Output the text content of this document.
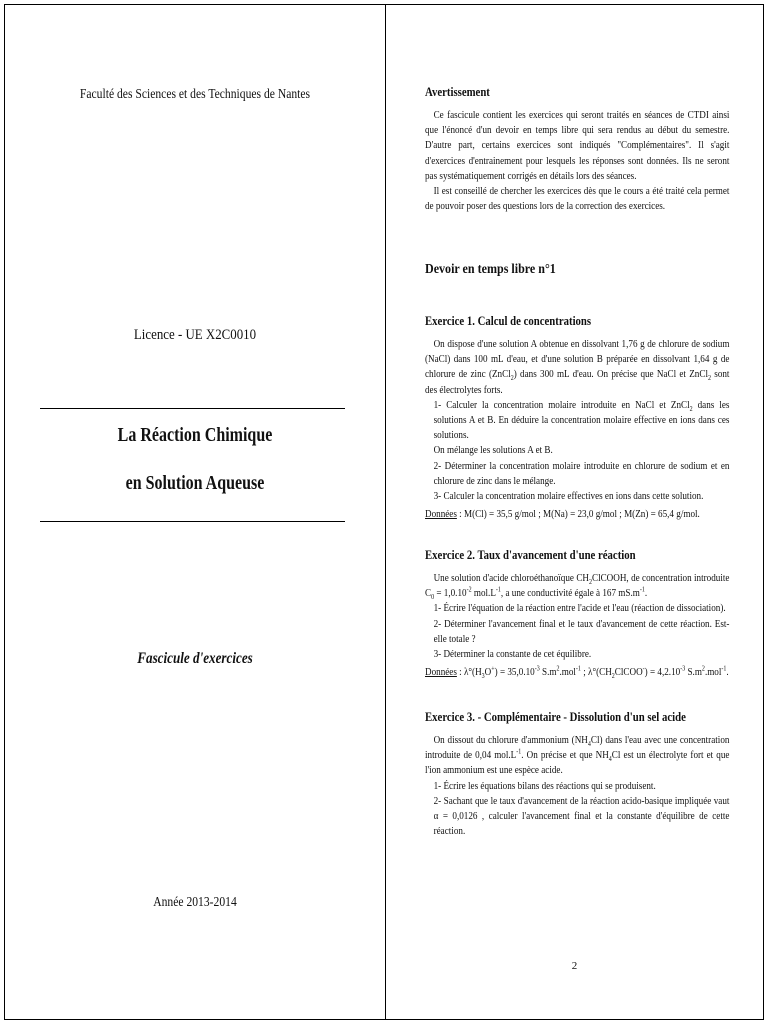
Faculté des Sciences et des Techniques de Nantes
Licence - UE X2C0010
La Réaction Chimique
en Solution Aqueuse
Fascicule d'exercices
Année 2013-2014
Avertissement
Ce fascicule contient les exercices qui seront traités en séances de CTDI ainsi que l'énoncé d'un devoir en temps libre qui sera rendus au début du semestre. D'autre part, certains exercices sont indiqués "Complémentaires". Il s'agit d'exercices d'entrainement pour lesquels les réponses sont données. Ils ne seront pas systématiquement corrigés en détails lors des séances.
Il est conseillé de chercher les exercices dès que le cours a été traité cela permet de pouvoir poser des questions lors de la correction des exercices.
Devoir en temps libre n°1
Exercice 1. Calcul de concentrations
On dispose d'une solution A obtenue en dissolvant 1,76 g de chlorure de sodium (NaCl) dans 100 mL d'eau, et d'une solution B préparée en dissolvant 1,64 g de chlorure de zinc (ZnCl$_2$) dans 300 mL d'eau. On précise que NaCl et ZnCl$_2$ sont des électrolytes forts.
1- Calculer la concentration molaire introduite en NaCl et ZnCl$_2$ dans les solutions A et B. En déduire la concentration molaire effective en ions dans ces solutions.
On mélange les solutions A et B.
2- Déterminer la concentration molaire introduite en chlorure de sodium et en chlorure de zinc dans le mélange.
3- Calculer la concentration molaire effectives en ions dans cette solution.
Données : M(Cl) = 35,5 g/mol ; M(Na) = 23,0 g/mol ; M(Zn) = 65,4 g/mol.
Exercice 2. Taux d'avancement d'une réaction
Une solution d'acide chloroéthanoïque $CH_2ClCOOH$, de concentration introduite $C_0 = 1,0.10^{-2}$ $mol.L^{-1}$, a une conductivité égale à 167 $mS.m^{-1}$.
1- Écrire l'équation de la réaction entre l'acide et l'eau (réaction de dissociation).
2- Déterminer l'avancement final et le taux d'avancement de cette réaction. Est-elle totale ?
3- Déterminer la constante de cet équilibre.
Données : $\lambda^\circ(H_3O^+) = 35,0.10^{-3}$ $S.m^2.mol^{-1}$ ; $\lambda^\circ(CH_2ClCOO^-) = 4,2.10^{-3}$ $S.m^2.mol^{-1}$.
Exercice 3. - Complémentaire - Dissolution d'un sel acide
On dissout du chlorure d'ammonium $(NH_4Cl)$ dans l'eau avec une concentration introduite de 0,04 $mol.L^{-1}$. On précise et que $NH_4Cl$ est un électrolyte fort et que l'ion ammonium est une espèce acide.
1- Écrire les équations bilans des réactions qui se produisent.
2- Sachant que le taux d'avancement de la réaction acido-basique impliquée vaut α = 0,0126 , calculer l'avancement final et la constante d'équilibre de cette réaction.
2
